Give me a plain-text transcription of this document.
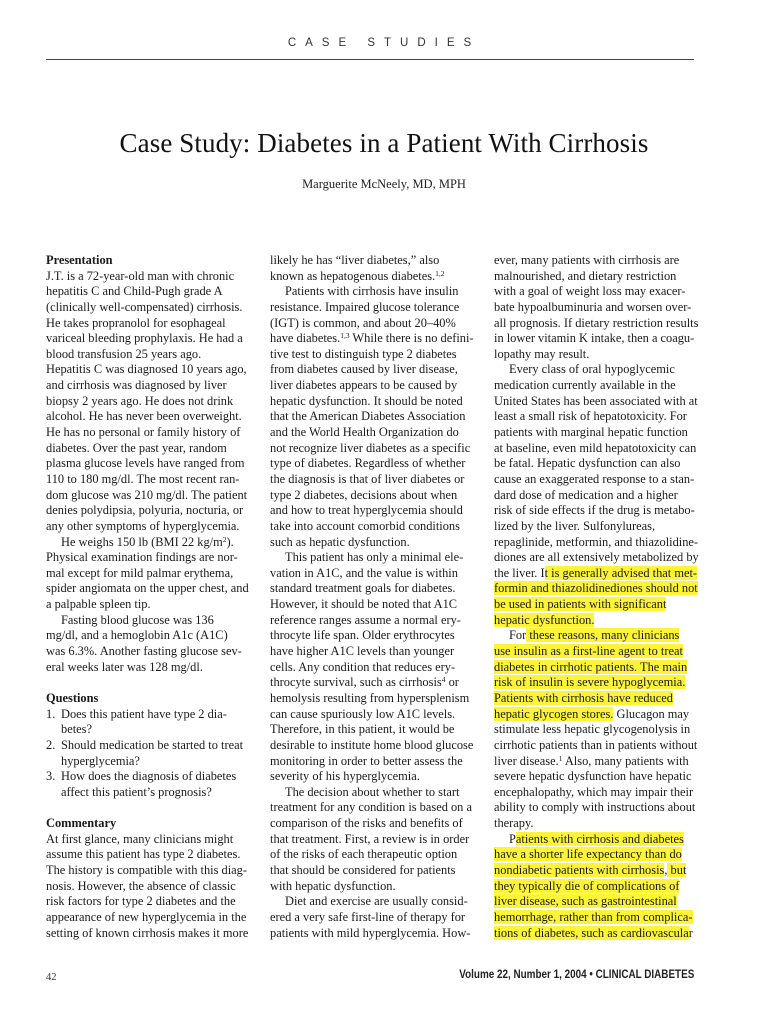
CASE STUDIES
Case Study: Diabetes in a Patient With Cirrhosis
Marguerite McNeely, MD, MPH
Presentation
J.T. is a 72-year-old man with chronic
hepatitis C and Child-Pugh grade A
(clinically well-compensated) cirrhosis.
He takes propranolol for esophageal
variceal bleeding prophylaxis. He had a
blood transfusion 25 years ago.
Hepatitis C was diagnosed 10 years ago,
and cirrhosis was diagnosed by liver
biopsy 2 years ago. He does not drink
alcohol. He has never been overweight.
He has no personal or family history of
diabetes. Over the past year, random
plasma glucose levels have ranged from
110 to 180 mg/dl. The most recent ran-
dom glucose was 210 mg/dl. The patient
denies polydipsia, polyuria, nocturia, or
any other symptoms of hyperglycemia.
He weighs 150 lb (BMI 22 $kg/m^2$).
Physical examination findings are nor-
mal except for mild palmar erythema,
spider angiomata on the upper chest, and
a palpable spleen tip.
Fasting blood glucose was 136
mg/dl, and a hemoglobin A1c (A1C)
was 6.3%. Another fasting glucose sev-
eral weeks later was 128 mg/dl.
Questions
1. Does this patient have type 2 dia-
betes?
2. Should medication be started to treat
hyperglycemia?
3. How does the diagnosis of diabetes
affect this patient’s prognosis?
Commentary
At first glance, many clinicians might
assume this patient has type 2 diabetes.
The history is compatible with this diag-
nosis. However, the absence of classic
risk factors for type 2 diabetes and the
appearance of new hyperglycemia in the
setting of known cirrhosis makes it more
likely he has “liver diabetes,” also
known as hepatogenous diabetes.$^{1,2}$
Patients with cirrhosis have insulin
resistance. Impaired glucose tolerance
(IGT) is common, and about 20–40%
have diabetes.$^{1,3}$ While there is no defini-
tive test to distinguish type 2 diabetes
from diabetes caused by liver disease,
liver diabetes appears to be caused by
hepatic dysfunction. It should be noted
that the American Diabetes Association
and the World Health Organization do
not recognize liver diabetes as a specific
type of diabetes. Regardless of whether
the diagnosis is that of liver diabetes or
type 2 diabetes, decisions about when
and how to treat hyperglycemia should
take into account comorbid conditions
such as hepatic dysfunction.
This patient has only a minimal ele-
vation in A1C, and the value is within
standard treatment goals for diabetes.
However, it should be noted that A1C
reference ranges assume a normal ery-
throcyte life span. Older erythrocytes
have higher A1C levels than younger
cells. Any condition that reduces ery-
throcyte survival, such as cirrhosis$^4$ or
hemolysis resulting from hypersplenism
can cause spuriously low A1C levels.
Therefore, in this patient, it would be
desirable to institute home blood glucose
monitoring in order to better assess the
severity of his hyperglycemia.
The decision about whether to start
treatment for any condition is based on a
comparison of the risks and benefits of
that treatment. First, a review is in order
of the risks of each therapeutic option
that should be considered for patients
with hepatic dysfunction.
Diet and exercise are usually consid-
ered a very safe first-line of therapy for
patients with mild hyperglycemia. How-
ever, many patients with cirrhosis are
malnourished, and dietary restriction
with a goal of weight loss may exacer-
bate hypoalbuminuria and worsen over-
all prognosis. If dietary restriction results
in lower vitamin K intake, then a coagu-
lopathy may result.
Every class of oral hypoglycemic
medication currently available in the
United States has been associated with at
least a small risk of hepatotoxicity. For
patients with marginal hepatic function
at baseline, even mild hepatotoxicity can
be fatal. Hepatic dysfunction can also
cause an exaggerated response to a stan-
dard dose of medication and a higher
risk of side effects if the drug is metabo-
lized by the liver. Sulfonylureas,
repaglinide, metformin, and thiazolidine-
diones are all extensively metabolized by
the liver. It is generally advised that met-
formin and thiazolidinediones should not
be used in patients with significant
hepatic dysfunction.
For these reasons, many clinicians
use insulin as a first-line agent to treat
diabetes in cirrhotic patients. The main
risk of insulin is severe hypoglycemia.
Patients with cirrhosis have reduced
hepatic glycogen stores. Glucagon may
stimulate less hepatic glycogenolysis in
cirrhotic patients than in patients without
liver disease.$^1$ Also, many patients with
severe hepatic dysfunction have hepatic
encephalopathy, which may impair their
ability to comply with instructions about
therapy.
Patients with cirrhosis and diabetes
have a shorter life expectancy than do
nondiabetic patients with cirrhosis, but
they typically die of complications of
liver disease, such as gastrointestinal
hemorrhage, rather than from complica-
tions of diabetes, such as cardiovascular
42	Volume 22, Number 1, 2004 • CLINICAL DIABETES
